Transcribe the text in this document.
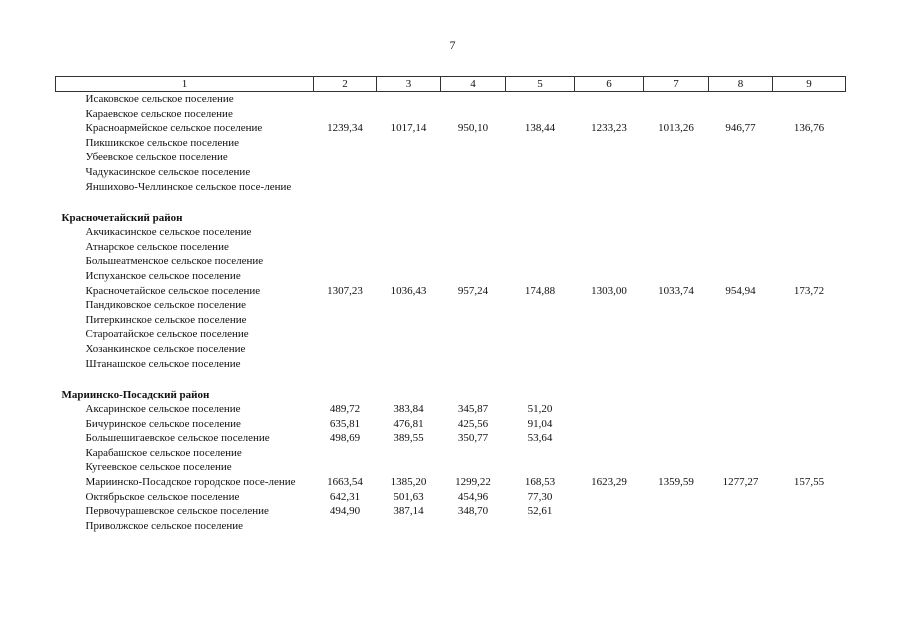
7
1	2	3	4	5	6	7	8	9
Исаковское сельское поселение								
Караевское сельское поселение								
Красноармейское сельское поселение	1239,34	1017,14	950,10	138,44	1233,23	1013,26	946,77	136,76
Пикшикское сельское поселение								
Убеевское сельское поселение								
Чадукасинское сельское поселение								
Яншихово-Челлинское сельское посе-ление								

Красночетайский район								
Акчикасинское сельское поселение								
Атнарское сельское поселение								
Большеатменское сельское поселение								
Испуханское сельское поселение								
Красночетайское сельское поселение	1307,23	1036,43	957,24	174,88	1303,00	1033,74	954,94	173,72
Пандиковское сельское поселение								
Питеркинское сельское поселение								
Староатайское сельское поселение								
Хозанкинское сельское поселение								
Штанашское сельское поселение								

Мариинско-Посадский район								
Аксаринское сельское поселение	489,72	383,84	345,87	51,20				
Бичуринское сельское поселение	635,81	476,81	425,56	91,04				
Большешигаевское сельское поселение	498,69	389,55	350,77	53,64				
Карабашское сельское поселение								
Кугеевское сельское поселение								
Мариинско-Посадское городское посе-ление	1663,54	1385,20	1299,22	168,53	1623,29	1359,59	1277,27	157,55
Октябрьское сельское поселение	642,31	501,63	454,96	77,30				
Первочурашевское сельское поселение	494,90	387,14	348,70	52,61				
Приволжское сельское поселение								
